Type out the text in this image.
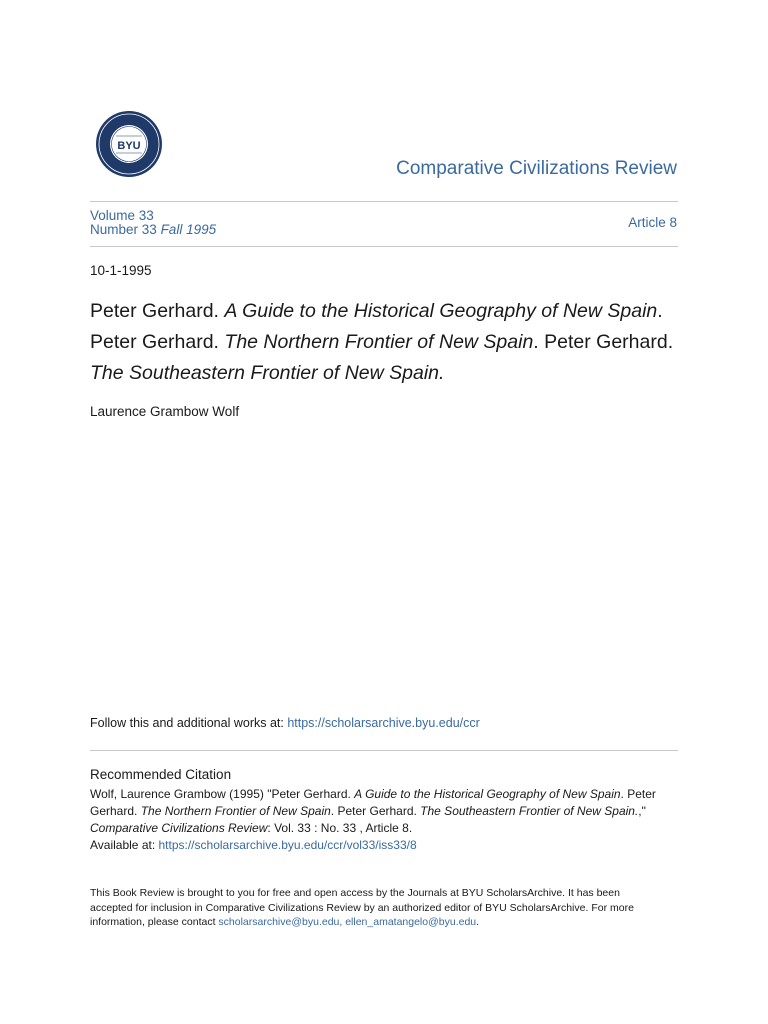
BYU
Comparative Civilizations Review
Volume 33
Number 33 Fall 1995	Article 8
10-1-1995
Peter Gerhard. A Guide to the Historical Geography of New Spain. Peter Gerhard. The Northern Frontier of New Spain. Peter Gerhard. The Southeastern Frontier of New Spain.
Laurence Grambow Wolf
Follow this and additional works at: https://scholarsarchive.byu.edu/ccr
Recommended Citation
Wolf, Laurence Grambow (1995) "Peter Gerhard. A Guide to the Historical Geography of New Spain. Peter Gerhard. The Northern Frontier of New Spain. Peter Gerhard. The Southeastern Frontier of New Spain.,"
Comparative Civilizations Review: Vol. 33 : No. 33 , Article 8.
Available at: https://scholarsarchive.byu.edu/ccr/vol33/iss33/8
This Book Review is brought to you for free and open access by the Journals at BYU ScholarsArchive. It has been accepted for inclusion in Comparative Civilizations Review by an authorized editor of BYU ScholarsArchive. For more information, please contact scholarsarchive@byu.edu, ellen_amatangelo@byu.edu.
